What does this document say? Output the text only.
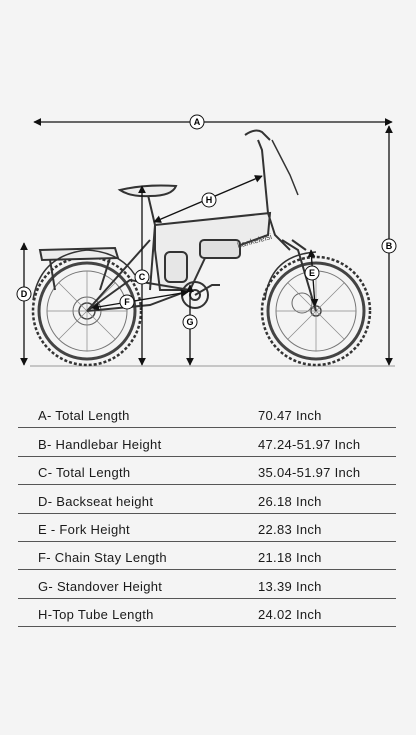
Lankeleisi
A
B
C
D
E
F
G
H
A- Total Length	70.47 Inch
B- Handlebar Height	47.24-51.97 Inch
C- Total Length	35.04-51.97 Inch
D- Backseat height	26.18 Inch
E - Fork Height	22.83 Inch
F- Chain Stay Length	21.18 Inch
G- Standover Height	13.39 Inch
H-Top Tube Length	24.02 Inch
